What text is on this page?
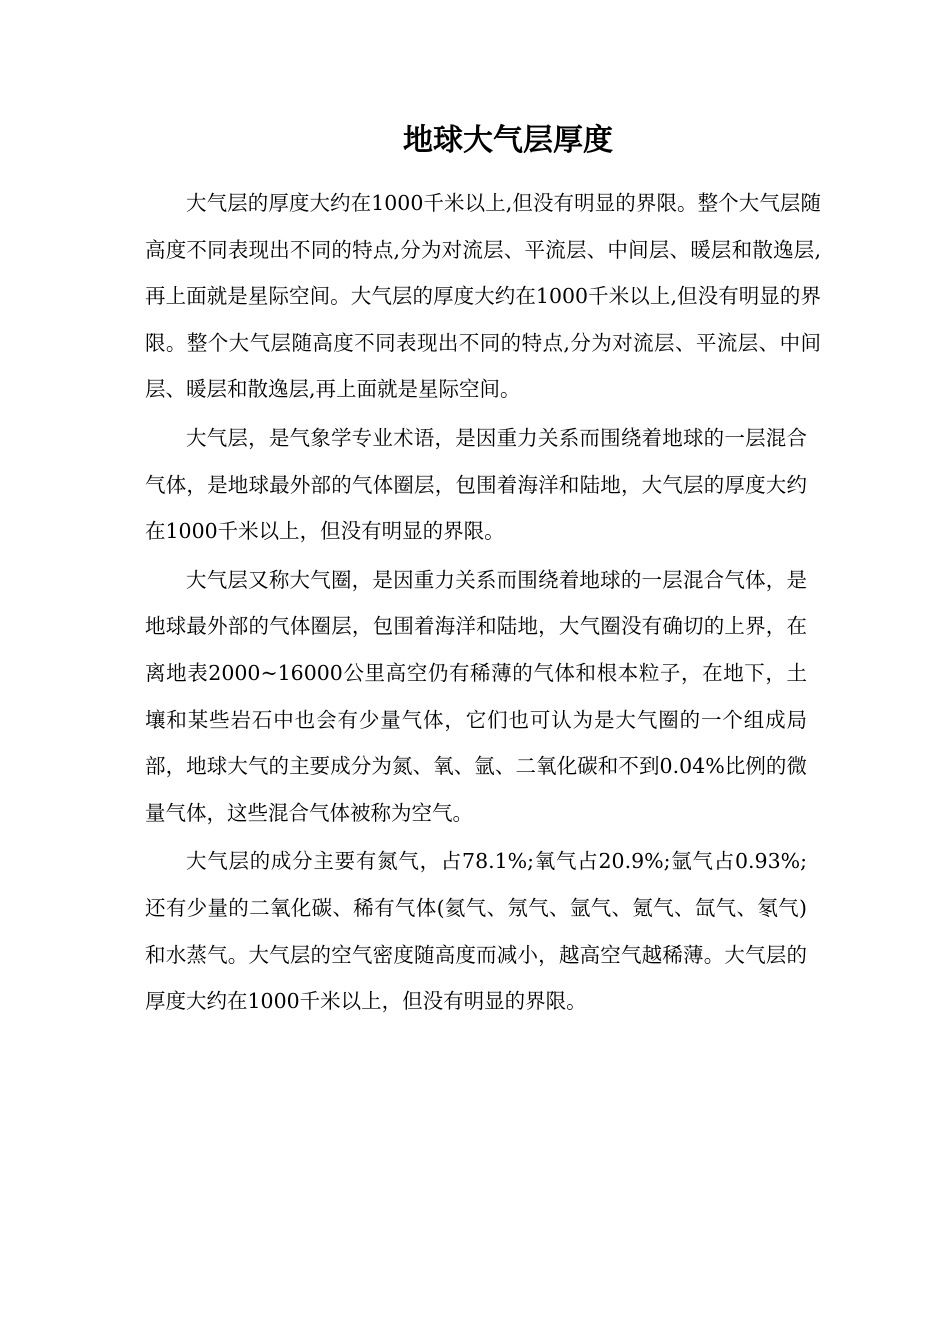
地球大气层厚度

大气层的厚度大约在1000千米以上,但没有明显的界限。整个大气层随高度不同表现出不同的特点,分为对流层、平流层、中间层、暖层和散逸层,再上面就是星际空间。大气层的厚度大约在1000千米以上,但没有明显的界限。整个大气层随高度不同表现出不同的特点,分为对流层、平流层、中间层、暖层和散逸层,再上面就是星际空间。

大气层，是气象学专业术语，是因重力关系而围绕着地球的一层混合气体，是地球最外部的气体圈层，包围着海洋和陆地，大气层的厚度大约在1000千米以上，但没有明显的界限。

大气层又称大气圈，是因重力关系而围绕着地球的一层混合气体，是地球最外部的气体圈层，包围着海洋和陆地，大气圈没有确切的上界，在离地表2000~16000公里高空仍有稀薄的气体和根本粒子，在地下，土壤和某些岩石中也会有少量气体，它们也可认为是大气圈的一个组成局部，地球大气的主要成分为氮、氧、氩、二氧化碳和不到0.04%比例的微量气体，这些混合气体被称为空气。

大气层的成分主要有氮气，占78.1%;氧气占20.9%;氩气占0.93%;还有少量的二氧化碳、稀有气体(氦气、氖气、氩气、氪气、氙气、氡气)和水蒸气。大气层的空气密度随高度而减小，越高空气越稀薄。大气层的厚度大约在1000千米以上，但没有明显的界限。
